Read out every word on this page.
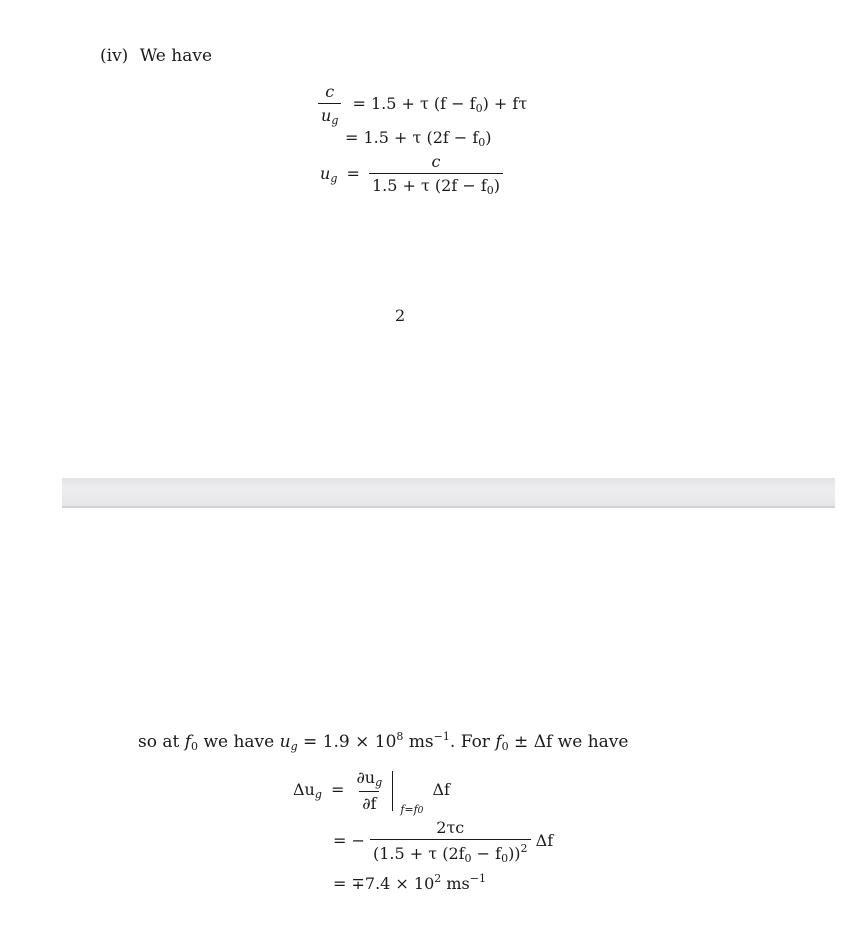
(iv) We have
$\frac{c}{u_g} = 1.5 + \tau$ $(f - f_0) + f\tau$
= 1.5 + τ $(2f - f_0)$
$u_g = \frac{c}{1.5 + \tau (2f - f_0)}$
2
so at $f_0$ we have $u_g = 1.9 \times 10^8$ $ms^{-1}$. For $f_0 \pm \Delta f$ we have
$\Delta u_g = \frac{\partial u_g}{\partial f} f=f0$ Δf
= − $\frac{2\tau c}{(1.5 + \tau (2f_0 - f_0))^2}$ Δf
= $\mp 7.4 \times 10^2$ $ms^{-1}$
